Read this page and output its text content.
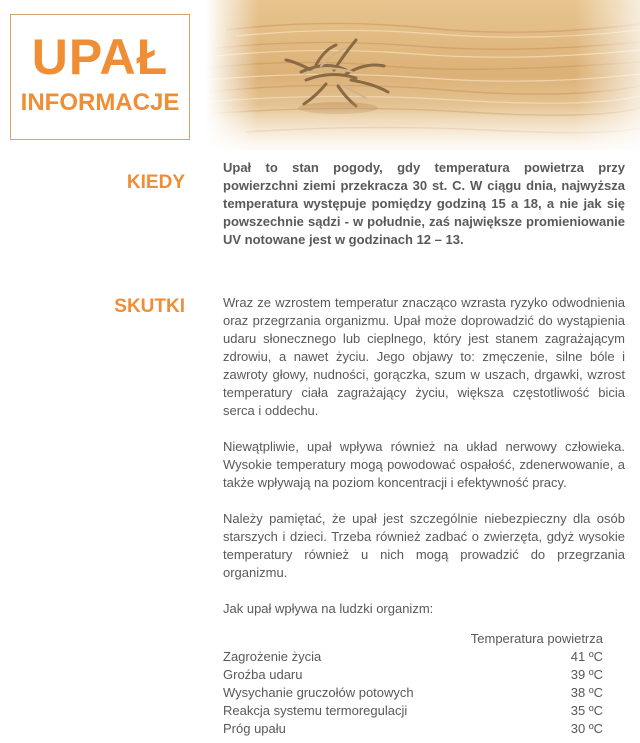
UPAŁ
INFORMACJE
KIEDY
Upał to stan pogody, gdy temperatura powietrza przy powierzchni ziemi przekracza 30 st. C. W ciągu dnia, najwyższa temperatura występuje pomiędzy godziną 15 a 18, a nie jak się powszechnie sądzi - w południe, zaś największe promieniowanie UV notowane jest w godzinach 12 – 13.
SKUTKI	Wraz ze wzrostem temperatur znacząco wzrasta ryzyko odwodnienia oraz przegrzania organizmu. Upał może doprowadzić do wystąpienia udaru słonecznego lub cieplnego, który jest stanem zagrażającym zdrowiu, a nawet życiu. Jego objawy to: zmęczenie, silne bóle i zawroty głowy, nudności, gorączka, szum w uszach, drgawki, wzrost temperatury ciała zagrażający życiu, większa częstotliwość bicia serca i oddechu.

Niewątpliwie, upał wpływa również na układ nerwowy człowieka. Wysokie temperatury mogą powodować ospałość, zdenerwowanie, a także wpływają na poziom koncentracji i efektywność pracy.

Należy pamiętać, że upał jest szczególnie niebezpieczny dla osób starszych i dzieci. Trzeba również zadbać o zwierzęta, gdyż wysokie temperatury również u nich mogą prowadzić do przegrzania organizmu.

Jak upał wpływa na ludzki organizm:

	Temperatura powietrza
Zagrożenie życia	41 ºC
Groźba udaru	39 ºC
Wysychanie gruczołów potowych	38 ºC
Reakcja systemu termoregulacji	35 ºC
Próg upału	30 ºC
